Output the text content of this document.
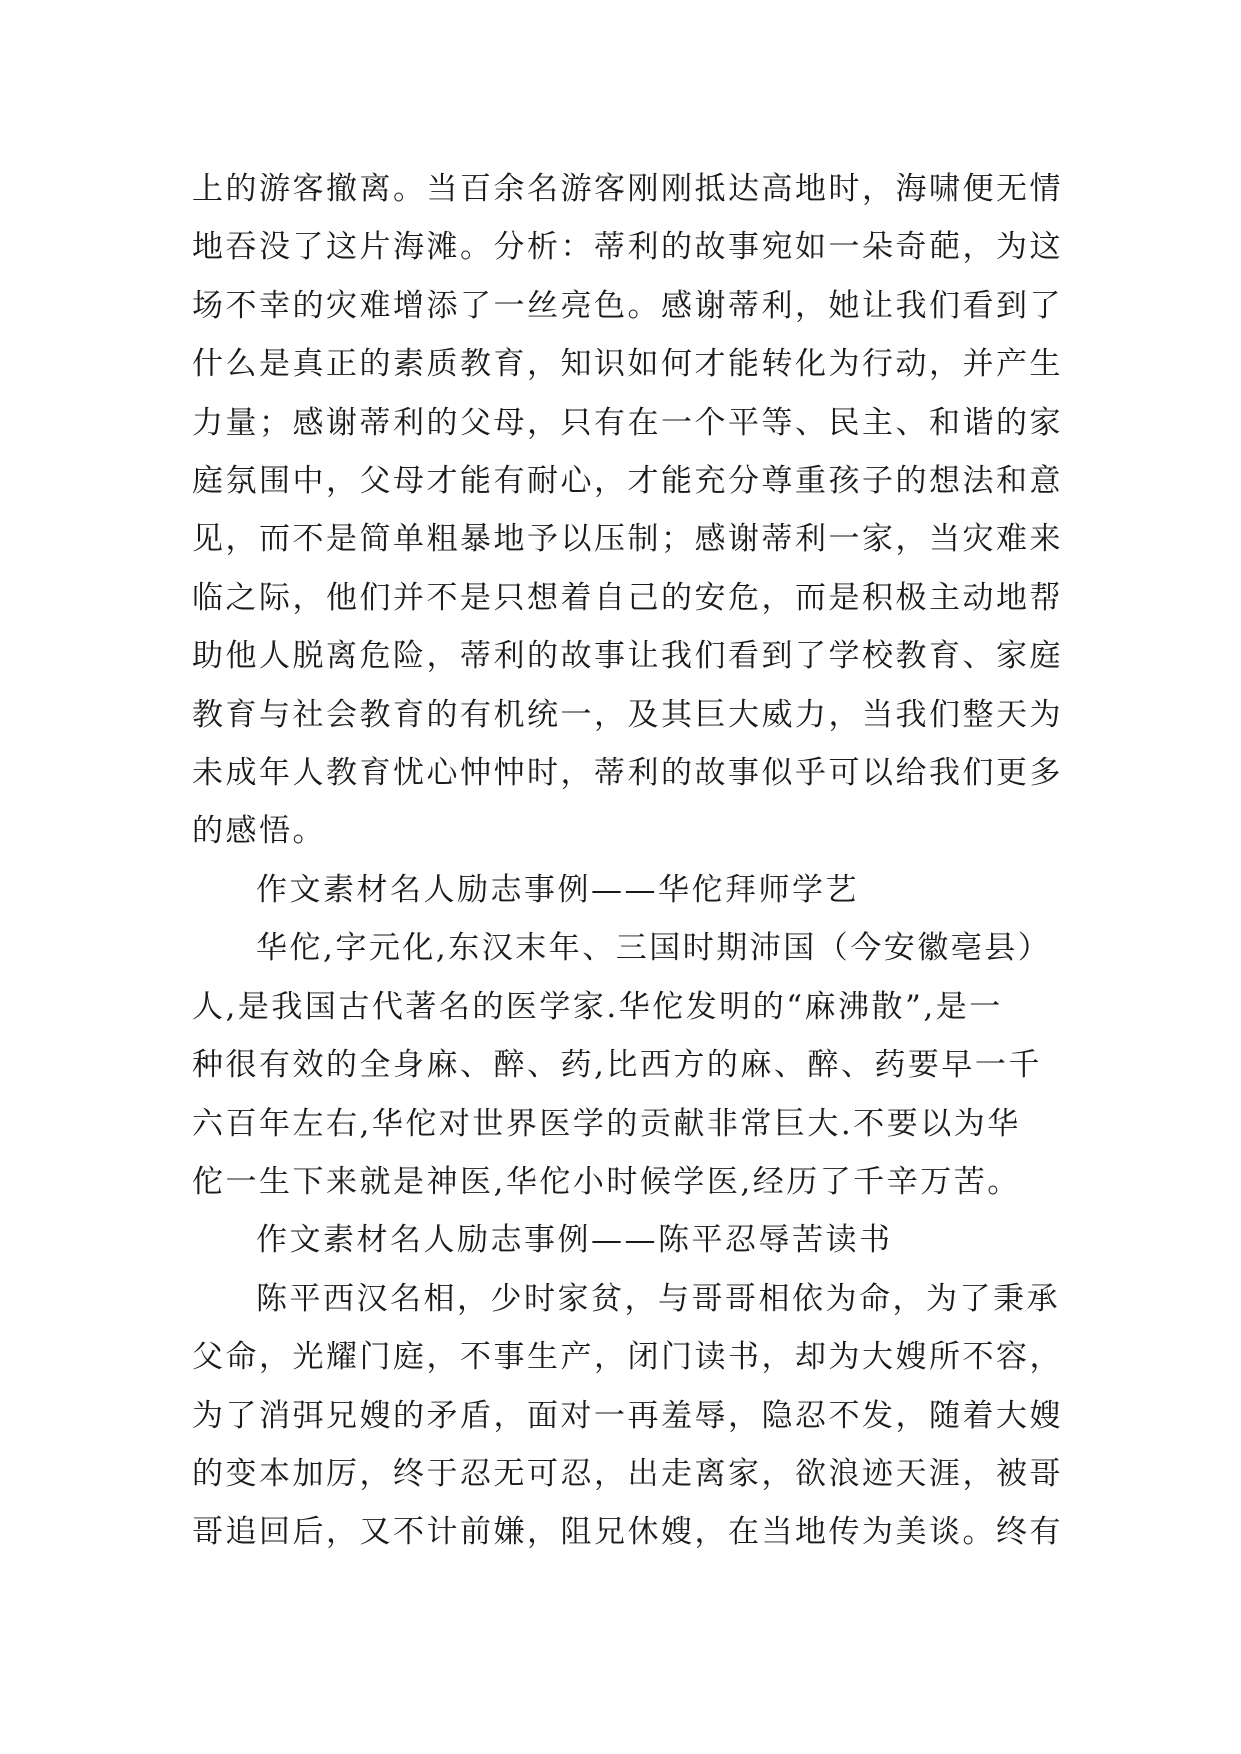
上的游客撤离。当百余名游客刚刚抵达高地时，海啸便无情
地吞没了这片海滩。分析：蒂利的故事宛如一朵奇葩，为这
场不幸的灾难增添了一丝亮色。感谢蒂利，她让我们看到了
什么是真正的素质教育，知识如何才能转化为行动，并产生
力量；感谢蒂利的父母，只有在一个平等、民主、和谐的家
庭氛围中，父母才能有耐心，才能充分尊重孩子的想法和意
见，而不是简单粗暴地予以压制；感谢蒂利一家，当灾难来
临之际，他们并不是只想着自己的安危，而是积极主动地帮
助他人脱离危险，蒂利的故事让我们看到了学校教育、家庭
教育与社会教育的有机统一，及其巨大威力，当我们整天为
未成年人教育忧心忡忡时，蒂利的故事似乎可以给我们更多
的感悟。
作文素材名人励志事例——华佗拜师学艺
华佗,字元化,东汉末年、三国时期沛国（今安徽亳县）
人,是我国古代著名的医学家.华佗发明的“麻沸散”,是一
种很有效的全身麻、醉、药,比西方的麻、醉、药要早一千
六百年左右,华佗对世界医学的贡献非常巨大.不要以为华
佗一生下来就是神医,华佗小时候学医,经历了千辛万苦。
作文素材名人励志事例——陈平忍辱苦读书
陈平西汉名相，少时家贫，与哥哥相依为命，为了秉承
父命，光耀门庭，不事生产，闭门读书，却为大嫂所不容，
为了消弭兄嫂的矛盾，面对一再羞辱，隐忍不发，随着大嫂
的变本加厉，终于忍无可忍，出走离家，欲浪迹天涯，被哥
哥追回后，又不计前嫌，阻兄休嫂，在当地传为美谈。终有
